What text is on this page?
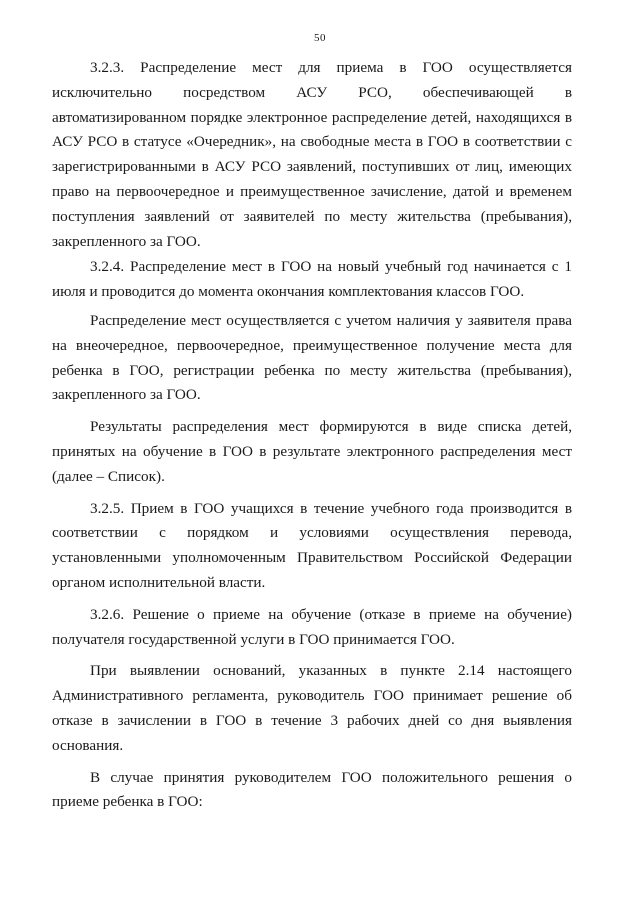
50

3.2.3. Распределение мест для приема в ГОО осуществляется исключительно посредством АСУ РСО, обеспечивающей в автоматизированном порядке электронное распределение детей, находящихся в АСУ РСО в статусе «Очередник», на свободные места в ГОО в соответствии с зарегистрированными в АСУ РСО заявлений, поступивших от лиц, имеющих право на первоочередное и преимущественное зачисление, датой и временем поступления заявлений от заявителей по месту жительства (пребывания), закрепленного за ГОО.

3.2.4. Распределение мест в ГОО на новый учебный год начинается с 1 июля и проводится до момента окончания комплектования классов ГОО.

Распределение мест осуществляется с учетом наличия у заявителя права на внеочередное, первоочередное, преимущественное получение места для ребенка в ГОО, регистрации ребенка по месту жительства (пребывания), закрепленного за ГОО.

Результаты распределения мест формируются в виде списка детей, принятых на обучение в ГОО в результате электронного распределения мест (далее – Список).

3.2.5. Прием в ГОО учащихся в течение учебного года производится в соответствии с порядком и условиями осуществления перевода, установленными уполномоченным Правительством Российской Федерации органом исполнительной власти.

3.2.6. Решение о приеме на обучение (отказе в приеме на обучение) получателя государственной услуги в ГОО принимается ГОО.

При выявлении оснований, указанных в пункте 2.14 настоящего Административного регламента, руководитель ГОО принимает решение об отказе в зачислении в ГОО в течение 3 рабочих дней со дня выявления основания.

В случае принятия руководителем ГОО положительного решения о приеме ребенка в ГОО:
